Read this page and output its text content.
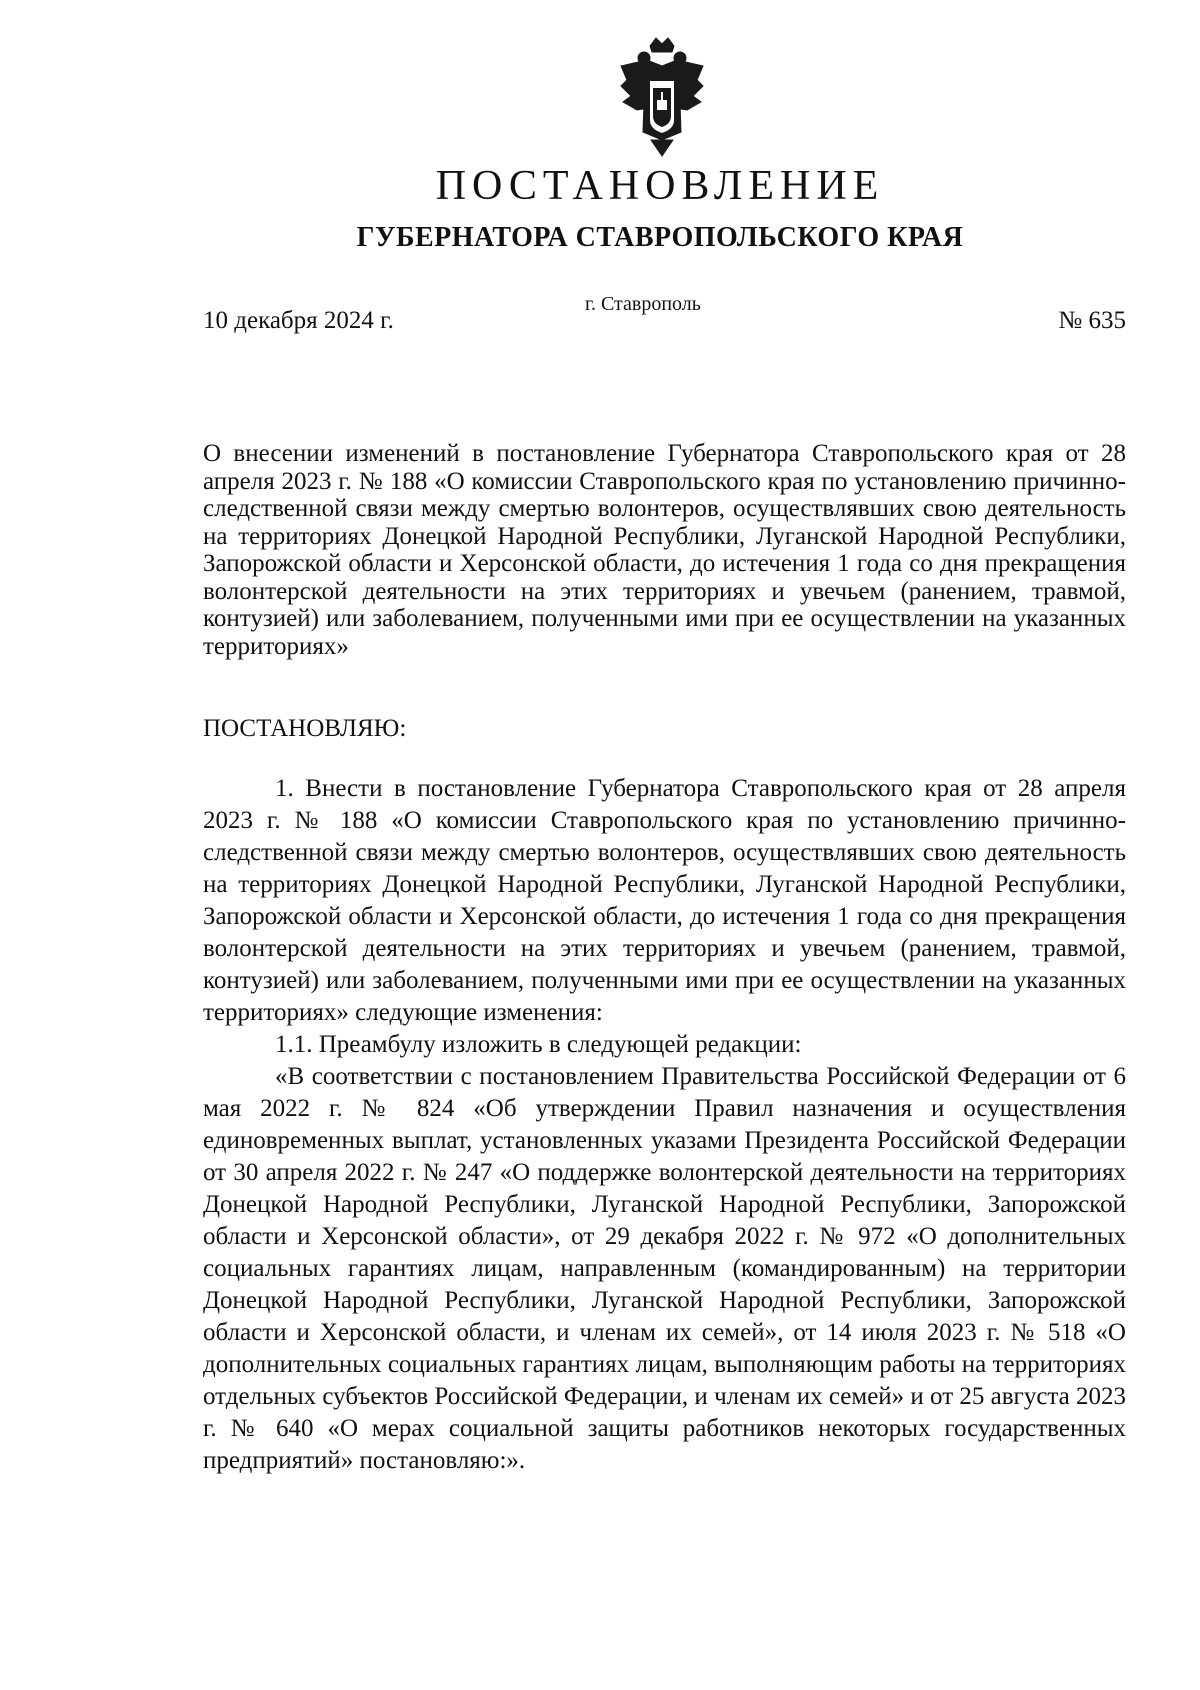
ПОСТАНОВЛЕНИЕ
ГУБЕРНАТОРА СТАВРОПОЛЬСКОГО КРАЯ
10 декабря 2024 г.
г. Ставрополь
№ 635

О внесении изменений в постановление Губернатора Ставропольского края от 28 апреля 2023 г. № 188 «О комиссии Ставропольского края по установлению причинно-следственной связи между смертью волонтеров, осуществлявших свою деятельность на территориях Донецкой Народной Республики, Луганской Народной Республики, Запорожской области и Херсонской области, до истечения 1 года со дня прекращения волонтерской деятельности на этих территориях и увечьем (ранением, травмой, контузией) или заболеванием, полученными ими при ее осуществлении на указанных территориях»

ПОСТАНОВЛЯЮ:

1. Внести в постановление Губернатора Ставропольского края от 28 апреля 2023 г. № 188 «О комиссии Ставропольского края по установлению причинно-следственной связи между смертью волонтеров, осуществлявших свою деятельность на территориях Донецкой Народной Республики, Луганской Народной Республики, Запорожской области и Херсонской области, до истечения 1 года со дня прекращения волонтерской деятельности на этих территориях и увечьем (ранением, травмой, контузией) или заболеванием, полученными ими при ее осуществлении на указанных территориях» следующие изменения:

1.1. Преамбулу изложить в следующей редакции:

«В соответствии с постановлением Правительства Российской Федерации от 6 мая 2022 г. № 824 «Об утверждении Правил назначения и осуществления единовременных выплат, установленных указами Президента Российской Федерации от 30 апреля 2022 г. № 247 «О поддержке волонтерской деятельности на территориях Донецкой Народной Республики, Луганской Народной Республики, Запорожской области и Херсонской области», от 29 декабря 2022 г. № 972 «О дополнительных социальных гарантиях лицам, направленным (командированным) на территории Донецкой Народной Республики, Луганской Народной Республики, Запорожской области и Херсонской области, и членам их семей», от 14 июля 2023 г. № 518 «О дополнительных социальных гарантиях лицам, выполняющим работы на территориях отдельных субъектов Российской Федерации, и членам их семей» и от 25 августа 2023 г. № 640 «О мерах социальной защиты работников некоторых государственных предприятий» постановляю:».
